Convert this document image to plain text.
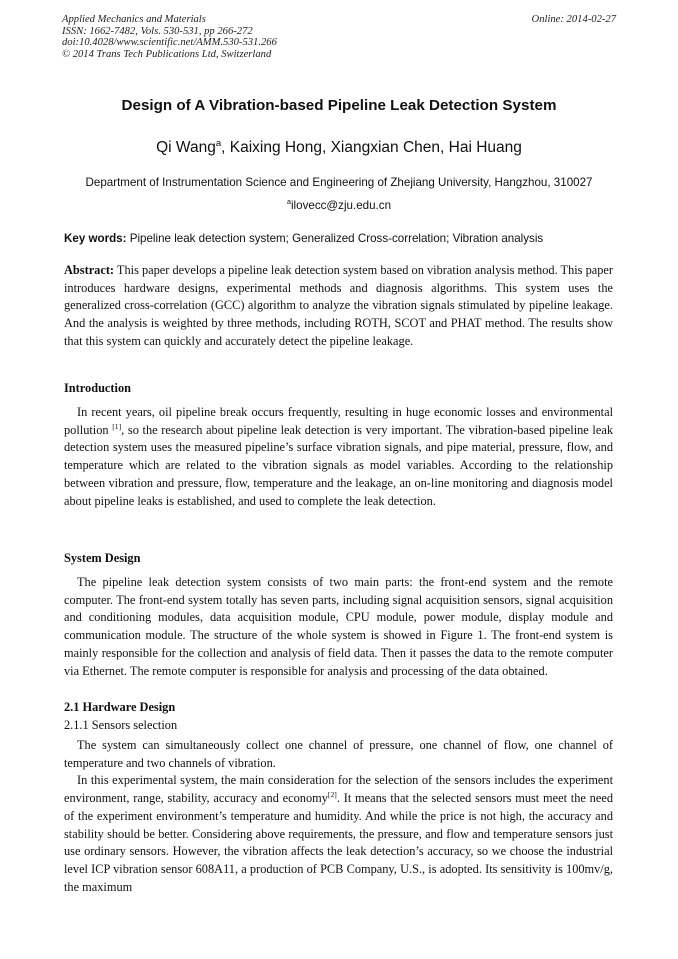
Applied Mechanics and Materials
ISSN: 1662-7482, Vols. 530-531, pp 266-272
doi:10.4028/www.scientific.net/AMM.530-531.266
© 2014 Trans Tech Publications Ltd, Switzerland
Online: 2014-02-27
Design of A Vibration-based Pipeline Leak Detection System
Qi Wang$^a$, Kaixing Hong, Xiangxian Chen, Hai Huang
Department of Instrumentation Science and Engineering of Zhejiang University, Hangzhou, 310027
$^a$ilovecc@zju.edu.cn
Key words: Pipeline leak detection system; Generalized Cross-correlation; Vibration analysis

Abstract: This paper develops a pipeline leak detection system based on vibration analysis method. This paper introduces hardware designs, experimental methods and diagnosis algorithms. This system uses the generalized cross-correlation (GCC) algorithm to analyze the vibration signals stimulated by pipeline leakage. And the analysis is weighted by three methods, including ROTH, SCOT and PHAT method. The results show that this system can quickly and accurately detect the pipeline leakage.

Introduction

In recent years, oil pipeline break occurs frequently, resulting in huge economic losses and environmental pollution [1], so the research about pipeline leak detection is very important. The vibration-based pipeline leak detection system uses the measured pipeline’s surface vibration signals, and pipe material, pressure, flow, and temperature which are related to the vibration signals as model variables. According to the relationship between vibration and pressure, flow, temperature and the leakage, an on-line monitoring and diagnosis model about pipeline leaks is established, and used to complete the leak detection.

System Design

The pipeline leak detection system consists of two main parts: the front-end system and the remote computer. The front-end system totally has seven parts, including signal acquisition sensors, signal acquisition and conditioning modules, data acquisition module, CPU module, power module, display module and communication module. The structure of the whole system is showed in Figure 1. The front-end system is mainly responsible for the collection and analysis of field data. Then it passes the data to the remote computer via Ethernet. The remote computer is responsible for analysis and processing of the data obtained.

2.1 Hardware Design
2.1.1 Sensors selection

The system can simultaneously collect one channel of pressure, one channel of flow, one channel of temperature and two channels of vibration.

In this experimental system, the main consideration for the selection of the sensors includes the experiment environment, range, stability, accuracy and economy[2]. It means that the selected sensors must meet the need of the experiment environment’s temperature and humidity. And while the price is not high, the accuracy and stability should be better. Considering above requirements, the pressure, and flow and temperature sensors just use ordinary sensors. However, the vibration affects the leak detection’s accuracy, so we choose the industrial level ICP vibration sensor 608A11, a production of PCB Company, U.S., is adopted. Its sensitivity is 100mv/g, the maximum
